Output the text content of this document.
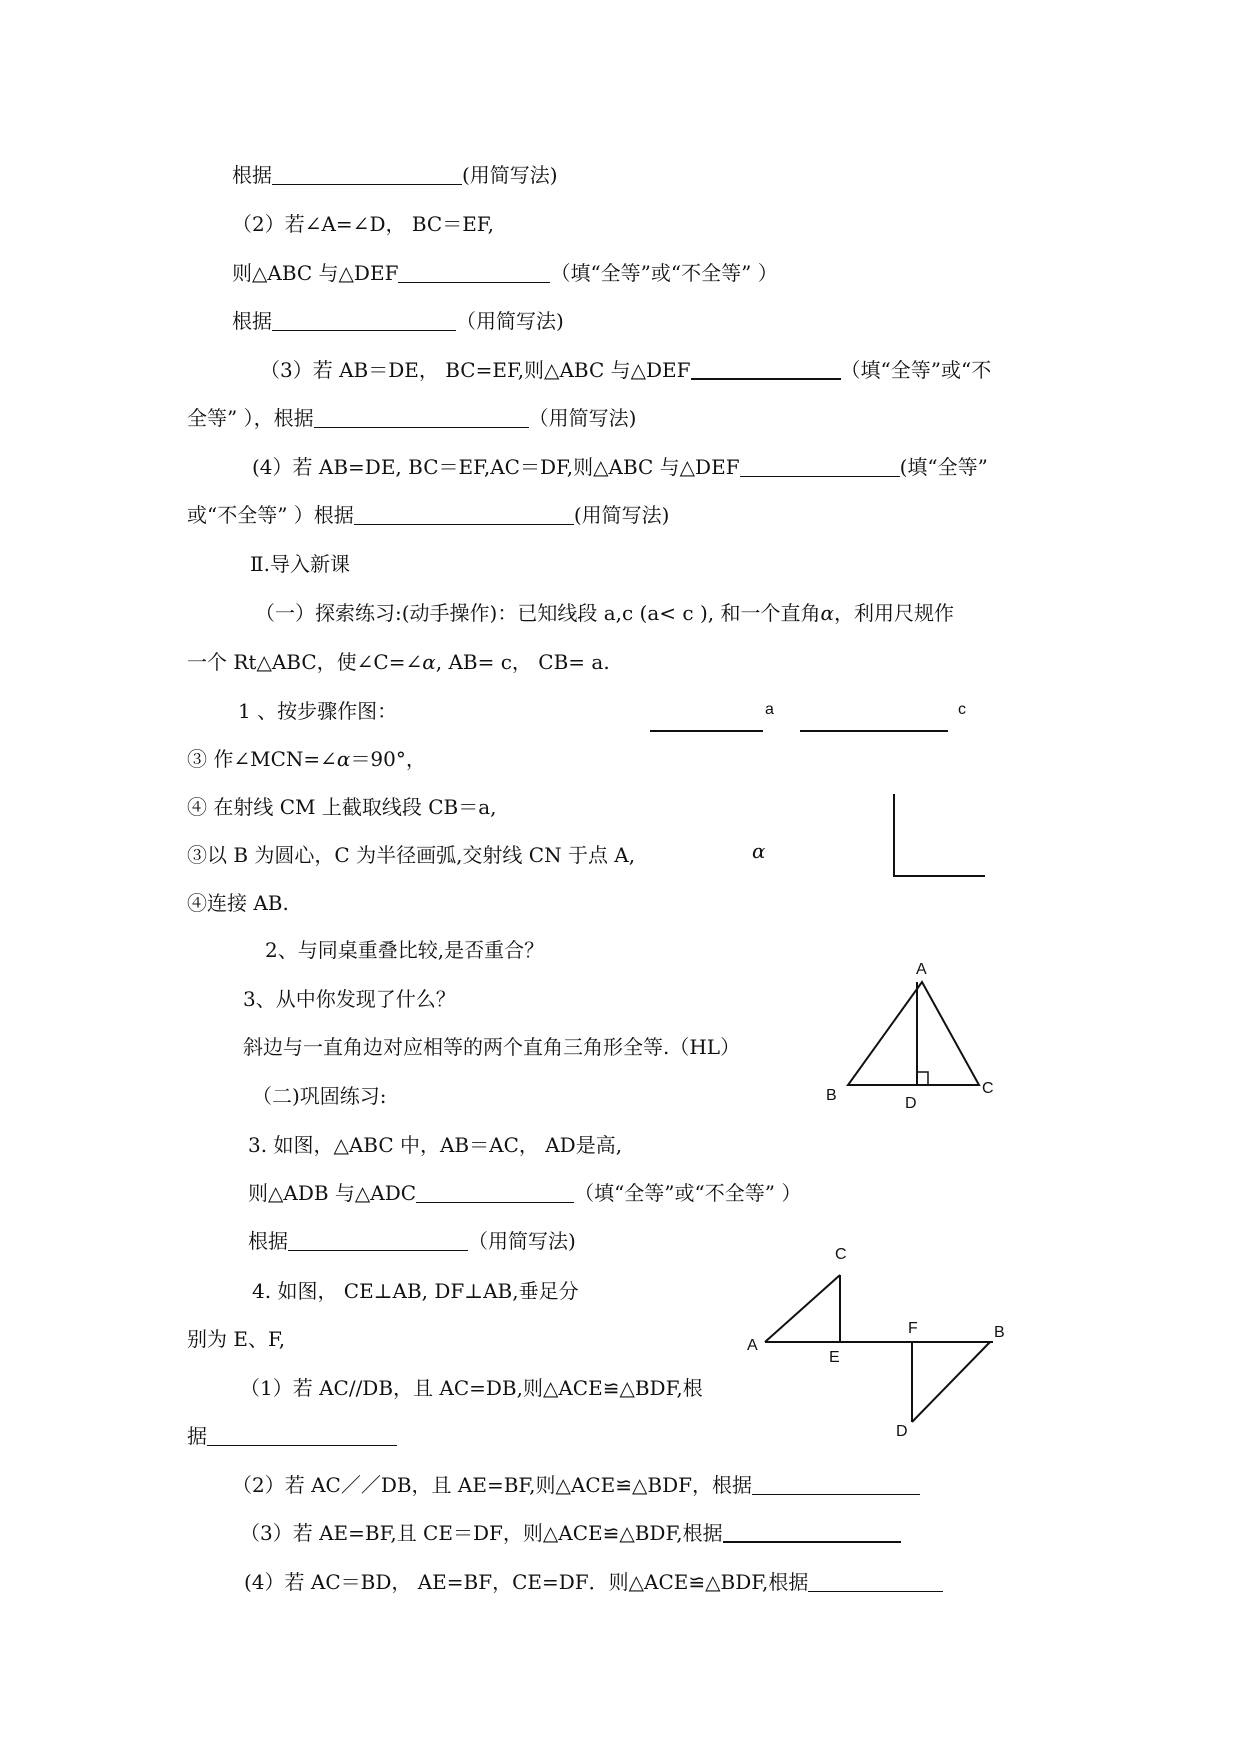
根据	(用简写法)
（2）若∠A=∠D， BC＝EF,
则△ABC 与△DEF	（填“全等”或“不全等” ）
根据	（用简写法)
（3）若 AB＝DE， BC=EF,则△ABC 与△DEF	（填“全等”或“不
全等” ），根据	（用简写法)
(4）若 AB=DE, BC＝EF,AC＝DF,则△ABC 与△DEF	(填“全等”
或“不全等” ）根据	(用简写法)
Ⅱ.导入新课
（一）探索练习:(动手操作)：已知线段 a,c (a< c ), 和一个直角α，利用尺规作
一个 Rt△ABC，使∠C=∠α, AB= c， CB= a.
1 、按步骤作图：
③ 作∠MCN=∠α＝90°，
④ 在射线 CM 上截取线段 CB＝a,
③以 B 为圆心，C 为半径画弧,交射线 CN 于点 A,
④连接 AB.
a	c
α
2、与同桌重叠比较,是否重合？
3、从中你发现了什么？
斜边与一直角边对应相等的两个直角三角形全等.（HL）
（二)巩固练习:
A
B	C
D
3. 如图，△ABC 中，AB＝AC， AD是高,
则△ADB 与△ADC	（填“全等”或“不全等” ）
根据	（用简写法)
A
B
C
D
E
F
4. 如图， CE⊥AB, DF⊥AB,垂足分
别为 E、F,
（1）若 AC//DB，且 AC=DB,则△ACE≌△BDF,根
据
（2）若 AC／／DB，且 AE=BF,则△ACE≌△BDF，根据
（3）若 AE=BF,且 CE＝DF，则△ACE≌△BDF,根据
(4）若 AC＝BD， AE=BF，CE=DF．则△ACE≌△BDF,根据
